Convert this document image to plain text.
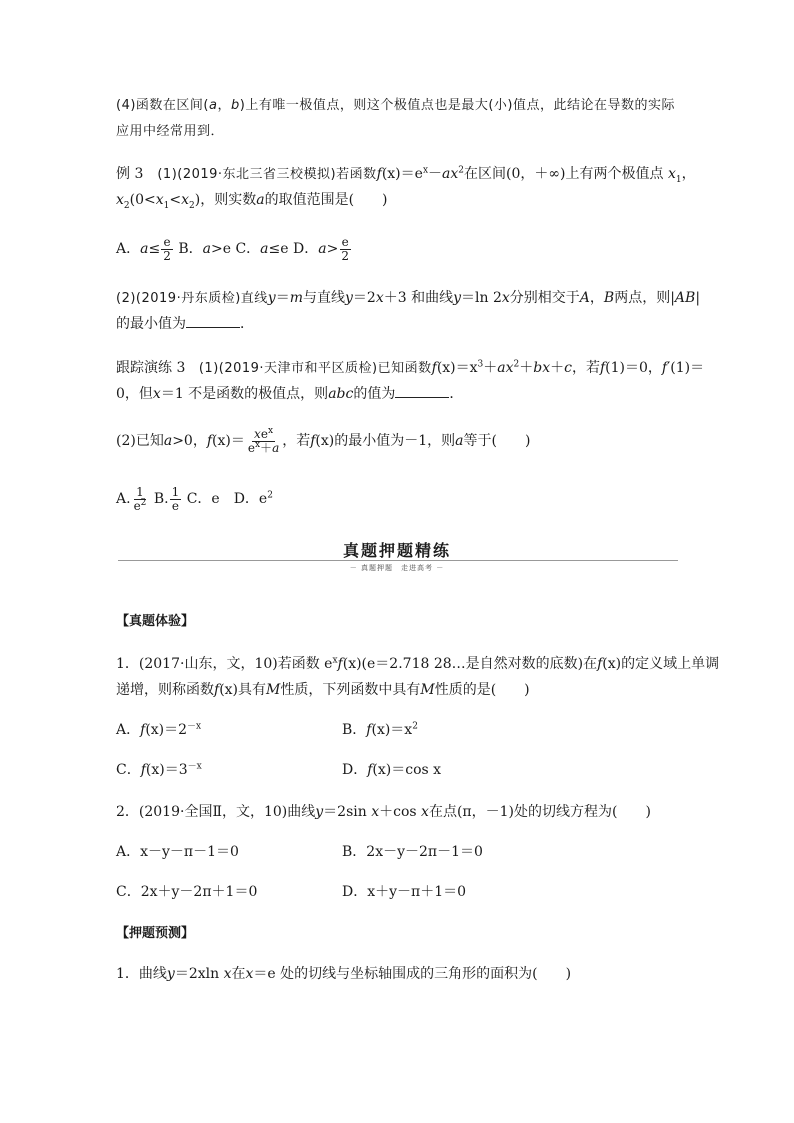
(4)函数在区间(a，b)上有唯一极值点，则这个极值点也是最大(小)值点，此结论在导数的实际
应用中经常用到．
例 3　 (1)(2019·东北三省三校模拟)若函数$f(x)=e^x-ax^2$在区间(0，＋∞)上有两个极值点 $x_1$，
$x_2(0<x_1<x_2)$，则实数a的取值范围是(　　)
A．$a\le \frac{e}{2}$ B．a>e C．a≤e D．$a> \frac{e}{2}$
(2)(2019·丹东质检)直线y＝m与直线y＝2x＋3 和曲线y＝ln 2x分别相交于A，B两点，则|AB|
的最小值为	．
跟踪演练 3　(1)(2019·天津市和平区质检)已知函数$f(x)=x^3+ax^2+bx+c$，若f(1)＝0，f′(1)＝
0，但x＝1 不是函数的极值点，则abc的值为	．
(2)已知a>0，$f(x)= \frac{xe^x}{e^x+a}$ ，若f(x)的最小值为－1，则a等于(　　)
A. $\frac{1}{e^2} B$. $\frac{1}{e}$ C．e　 D．$e^2$
真题押题精练
－ 真题押题　走进高考 －
【真题体验】
1．(2017·山东，文，10)若函数 $e^xf(x)(e=2.718$ 28…是自然对数的底数)在f(x)的定义域上单调
递增，则称函数f(x)具有M性质，下列函数中具有M性质的是(　　)
A．$f(x)=2^{-x}$	B．$f(x)=x^2$
C．$f(x)=3^{-x}$	D．f(x)＝cos x
2．(2019·全国Ⅱ，文，10)曲线y＝2sin x＋cos x在点(π，－1)处的切线方程为(　　)
A．x－y－π－1＝0	B．2x－y－2π－1＝0
C．2x＋y－2π＋1＝0	D．x＋y－π＋1＝0
【押题预测】
1．曲线y＝2xln x在x＝e 处的切线与坐标轴围成的三角形的面积为(　　)
